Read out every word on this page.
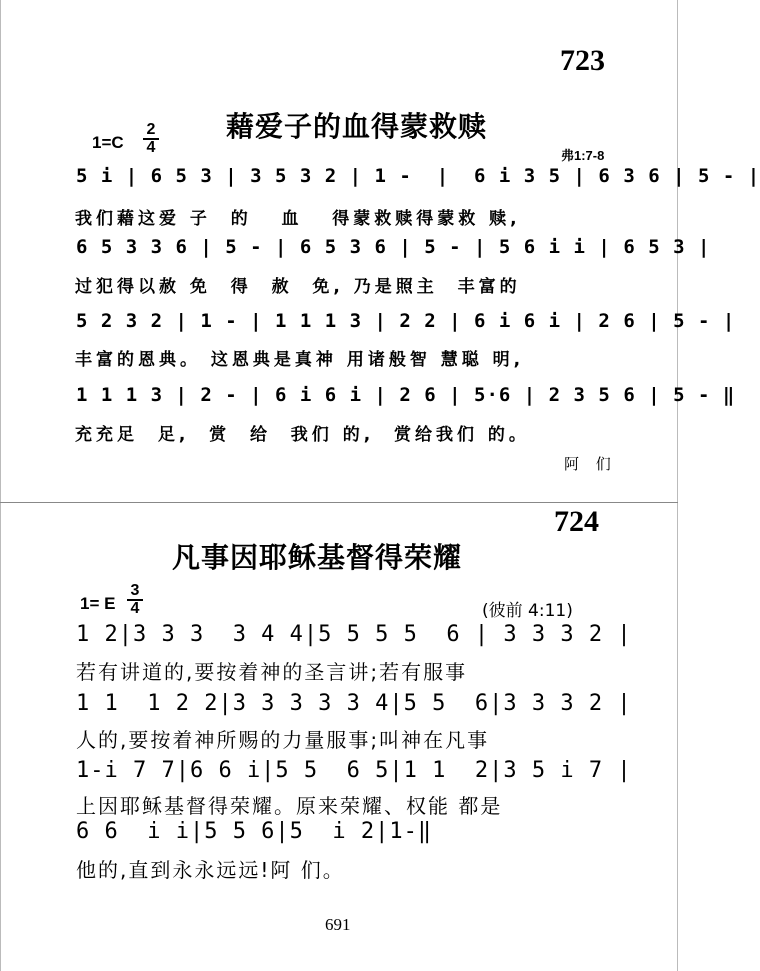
723
藉爱子的血得蒙救赎
1=C
2
4	弗1:7-8
5 i | 6 5 3 | 3 5 3 2 | 1 -  |  6 i 3 5 | 6 3 6 | 5 - |
我们藉这爱 子  的   血   得蒙救赎得蒙救 赎,
6 5 3 3 6 | 5 - | 6 5 3 6 | 5 - | 5 6 i i | 6 5 3 |
过犯得以赦 免  得  赦  免, 乃是照主  丰富的
5 2 3 2 | 1 - | 1 1 1 3 | 2 2 | 6 i 6 i | 2 6 | 5 - |
丰富的恩典。 这恩典是真神 用诸般智 慧聪 明,
1 1 1 3 | 2 - | 6 i 6 i | 2 6 | 5·6 | 2 3 5 6 | 5 - ‖
充充足  足,  赏  给  我们 的,  赏给我们 的。
阿 们
724
凡事因耶稣基督得荣耀
1= E
3
4	(彼前 4:11)
1 2|3 3 3  3 4 4|5 5 5 5  6 | 3 3 3 2 |
若有讲道的,要按着神的圣言讲;若有服事
1 1  1 2 2|3 3 3 3 3 4|5 5  6|3 3 3 2 |
人的,要按着神所赐的力量服事;叫神在凡事
1-i 7 7|6 6 i|5 5  6 5|1 1  2|3 5 i 7 |
上因耶稣基督得荣耀。原来荣耀、权能 都是
6 6  i i|5 5 6|5  i 2|1-‖
他的,直到永永远远!阿 们。
691
